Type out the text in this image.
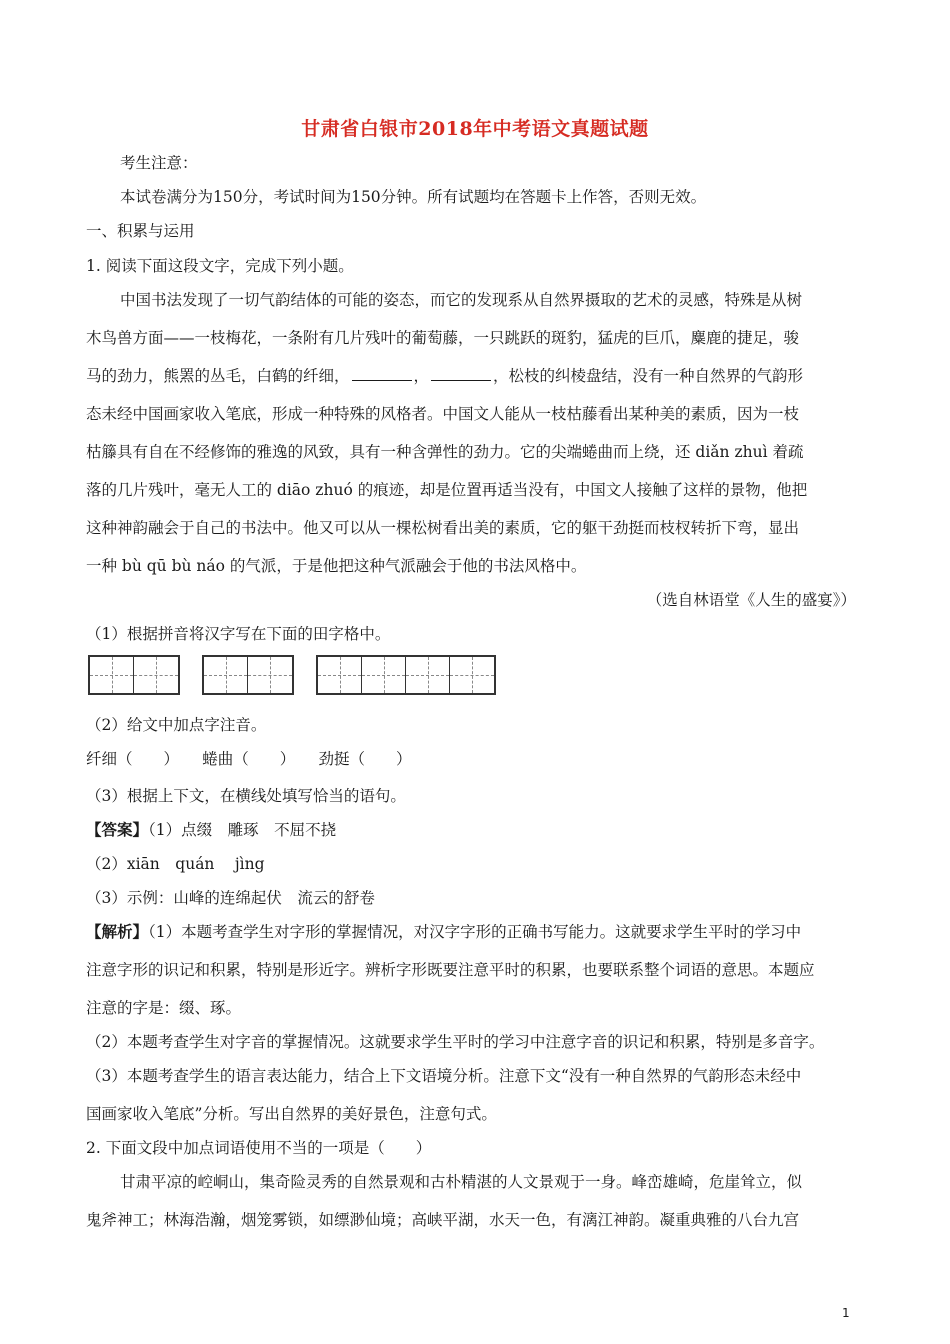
甘肃省白银市2018年中考语文真题试题
考生注意：
本试卷满分为150分，考试时间为150分钟。所有试题均在答题卡上作答，否则无效。
一、积累与运用
1. 阅读下面这段文字，完成下列小题。
中国书法发现了一切气韵结体的可能的姿态，而它的发现系从自然界摄取的艺术的灵感，特殊是从树
木鸟兽方面——一枝梅花，一条附有几片残叶的葡萄藤，一只跳跃的斑豹，猛虎的巨爪，麋鹿的捷足，骏
马的劲力，熊罴的丛毛，白鹤的纤细，	，	，松枝的纠棱盘结，没有一种自然界的气韵形
态未经中国画家收入笔底，形成一种特殊的风格者。中国文人能从一枝枯藤看出某种美的素质，因为一枝
枯籐具有自在不经修饰的雅逸的风致，具有一种含弹性的劲力。它的尖端蜷曲而上绕，还 diǎn zhuì 着疏
落的几片残叶，毫无人工的 diāo zhuó 的痕迹，却是位置再适当没有，中国文人接触了这样的景物，他把
这种神韵融会于自己的书法中。他又可以从一棵松树看出美的素质，它的躯干劲挺而枝杈转折下弯，显出
一种 bù qū bù náo 的气派，于是他把这种气派融会于他的书法风格中。
（选自林语堂《人生的盛宴》）
（1）根据拼音将汉字写在下面的田字格中。
（2）给文中加点字注音。
纤细（　　）　　蜷曲（　　）　　劲挺（　　）
（3）根据上下文，在横线处填写恰当的语句。
【答案】（1）点缀　雕琢　不屈不挠
（2）xiān　quán　 jìng
（3）示例：山峰的连绵起伏　流云的舒卷
【解析】（1）本题考查学生对字形的掌握情况，对汉字字形的正确书写能力。这就要求学生平时的学习中
注意字形的识记和积累，特别是形近字。辨析字形既要注意平时的积累，也要联系整个词语的意思。本题应
注意的字是：缀、琢。
（2）本题考查学生对字音的掌握情况。这就要求学生平时的学习中注意字音的识记和积累，特别是多音字。
（3）本题考查学生的语言表达能力，结合上下文语境分析。注意下文“没有一种自然界的气韵形态未经中
国画家收入笔底”分析。写出自然界的美好景色，注意句式。
2. 下面文段中加点词语使用不当的一项是（　　）
甘肃平凉的崆峒山，集奇险灵秀的自然景观和古朴精湛的人文景观于一身。峰峦雄崎，危崖耸立，似
鬼斧神工；林海浩瀚，烟笼雾锁，如缥渺仙境；高峡平湖，水天一色，有漓江神韵。凝重典雅的八台九宫
1
